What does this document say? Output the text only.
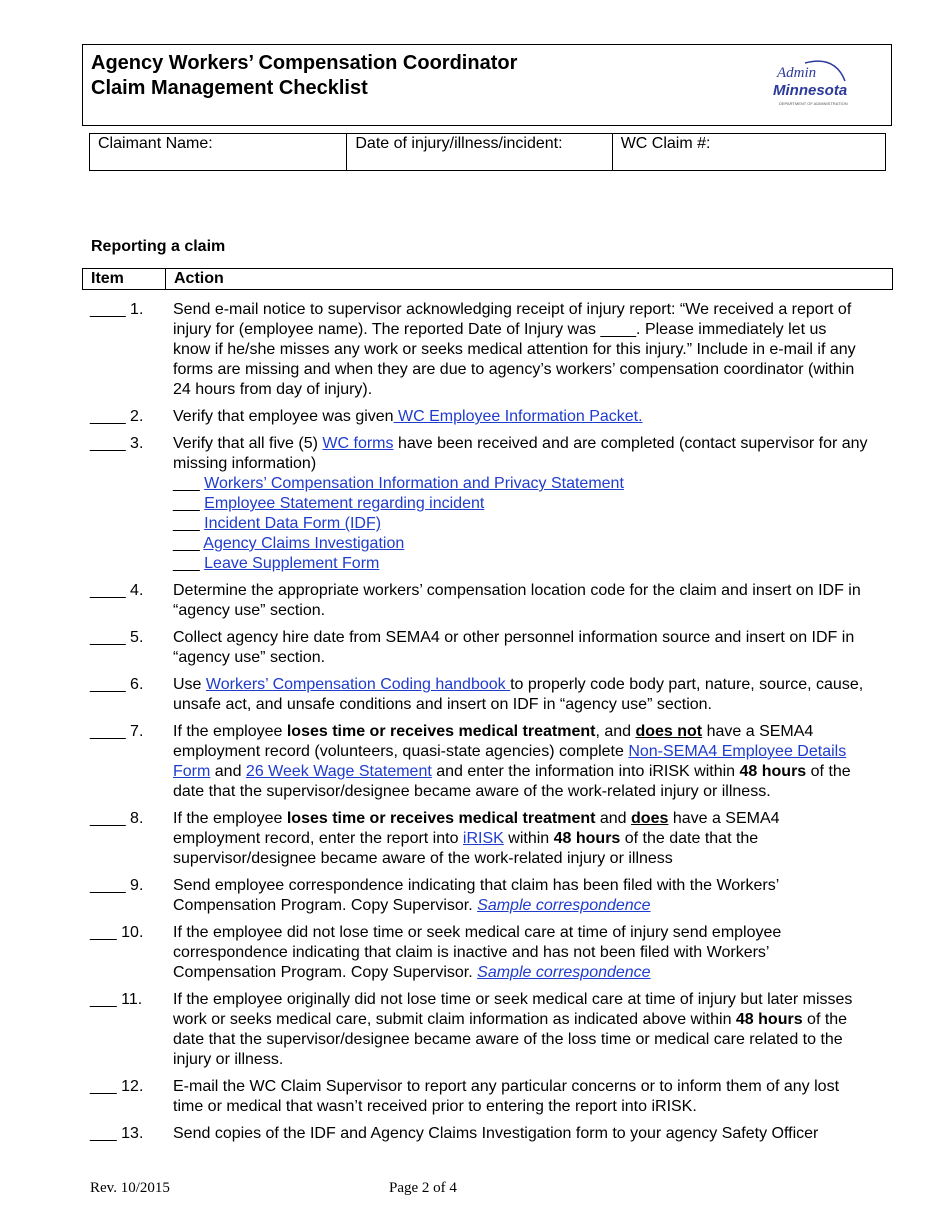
Agency Workers’ Compensation Coordinator
Claim Management Checklist
Admin
Minnesota
DEPARTMENT OF ADMINISTRATION
Claimant Name:	Date of injury/illness/incident:	WC Claim #:
Reporting a claim
Item	Action
____ 1.	Send e-mail notice to supervisor acknowledging receipt of injury report: “We received a report of injury for (employee name). The reported Date of Injury was ____. Please immediately let us know if he/she misses any work or seeks medical attention for this injury.” Include in e-mail if any forms are missing and when they are due to agency’s workers’ compensation coordinator (within 24 hours from day of injury).
____ 2.	Verify that employee was given WC Employee Information Packet.
____ 3.	Verify that all five (5) WC forms have been received and are completed (contact supervisor for any missing information)
___ Workers’ Compensation Information and Privacy Statement
___ Employee Statement regarding incident
___ Incident Data Form (IDF)
___ Agency Claims Investigation
___ Leave Supplement Form
____ 4.	Determine the appropriate workers’ compensation location code for the claim and insert on IDF in “agency use” section.
____ 5.	Collect agency hire date from SEMA4 or other personnel information source and insert on IDF in “agency use” section.
____ 6.	Use Workers’ Compensation Coding handbook to properly code body part, nature, source, cause, unsafe act, and unsafe conditions and insert on IDF in “agency use” section.
____ 7.	If the employee loses time or receives medical treatment, and does not have a SEMA4 employment record (volunteers, quasi-state agencies) complete Non-SEMA4 Employee Details Form and 26 Week Wage Statement and enter the information into iRISK within 48 hours of the date that the supervisor/designee became aware of the work-related injury or illness.
____ 8.	If the employee loses time or receives medical treatment and does have a SEMA4 employment record, enter the report into iRISK within 48 hours of the date that the supervisor/designee became aware of the work-related injury or illness
____ 9.	Send employee correspondence indicating that claim has been filed with the Workers’ Compensation Program. Copy Supervisor. Sample correspondence
___ 10.	If the employee did not lose time or seek medical care at time of injury send employee correspondence indicating that claim is inactive and has not been filed with Workers’ Compensation Program. Copy Supervisor. Sample correspondence
___ 11.	If the employee originally did not lose time or seek medical care at time of injury but later misses work or seeks medical care, submit claim information as indicated above within 48 hours of the date that the supervisor/designee became aware of the loss time or medical care related to the injury or illness.
___ 12.	E-mail the WC Claim Supervisor to report any particular concerns or to inform them of any lost time or medical that wasn’t received prior to entering the report into iRISK.
___ 13.	Send copies of the IDF and Agency Claims Investigation form to your agency Safety Officer
Rev. 10/2015	Page 2 of 4
